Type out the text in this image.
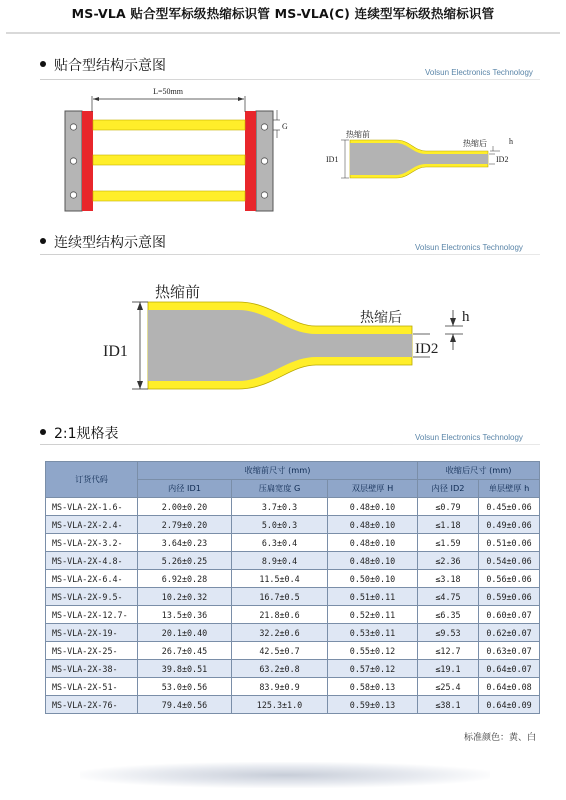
MS-VLA 贴合型军标级热缩标识管 MS-VLA(C) 连续型军标级热缩标识管
贴合型结构示意图	Volsun Electronics Technology
L=50mm
G
热缩前
热缩后
ID1	ID2
h
连续型结构示意图	Volsun Electronics Technology
热缩前
热缩后
ID1	ID2
h
2:1规格表	Volsun Electronics Technology
订货代码	收缩前尺寸 (mm)			收缩后尺寸 (mm)	
	内径 ID1	压扁宽度 G	双层壁厚 H	内径 ID2	单层壁厚 h
MS-VLA-2X-1.6-	2.00±0.20	3.7±0.3	0.48±0.10	≤0.79	0.45±0.06
MS-VLA-2X-2.4-	2.79±0.20	5.0±0.3	0.48±0.10	≤1.18	0.49±0.06
MS-VLA-2X-3.2-	3.64±0.23	6.3±0.4	0.48±0.10	≤1.59	0.51±0.06
MS-VLA-2X-4.8-	5.26±0.25	8.9±0.4	0.48±0.10	≤2.36	0.54±0.06
MS-VLA-2X-6.4-	6.92±0.28	11.5±0.4	0.50±0.10	≤3.18	0.56±0.06
MS-VLA-2X-9.5-	10.2±0.32	16.7±0.5	0.51±0.11	≤4.75	0.59±0.06
MS-VLA-2X-12.7-	13.5±0.36	21.8±0.6	0.52±0.11	≤6.35	0.60±0.07
MS-VLA-2X-19-	20.1±0.40	32.2±0.6	0.53±0.11	≤9.53	0.62±0.07
MS-VLA-2X-25-	26.7±0.45	42.5±0.7	0.55±0.12	≤12.7	0.63±0.07
MS-VLA-2X-38-	39.8±0.51	63.2±0.8	0.57±0.12	≤19.1	0.64±0.07
MS-VLA-2X-51-	53.0±0.56	83.9±0.9	0.58±0.13	≤25.4	0.64±0.08
MS-VLA-2X-76-	79.4±0.56	125.3±1.0	0.59±0.13	≤38.1	0.64±0.09
标准颜色：黄、白
